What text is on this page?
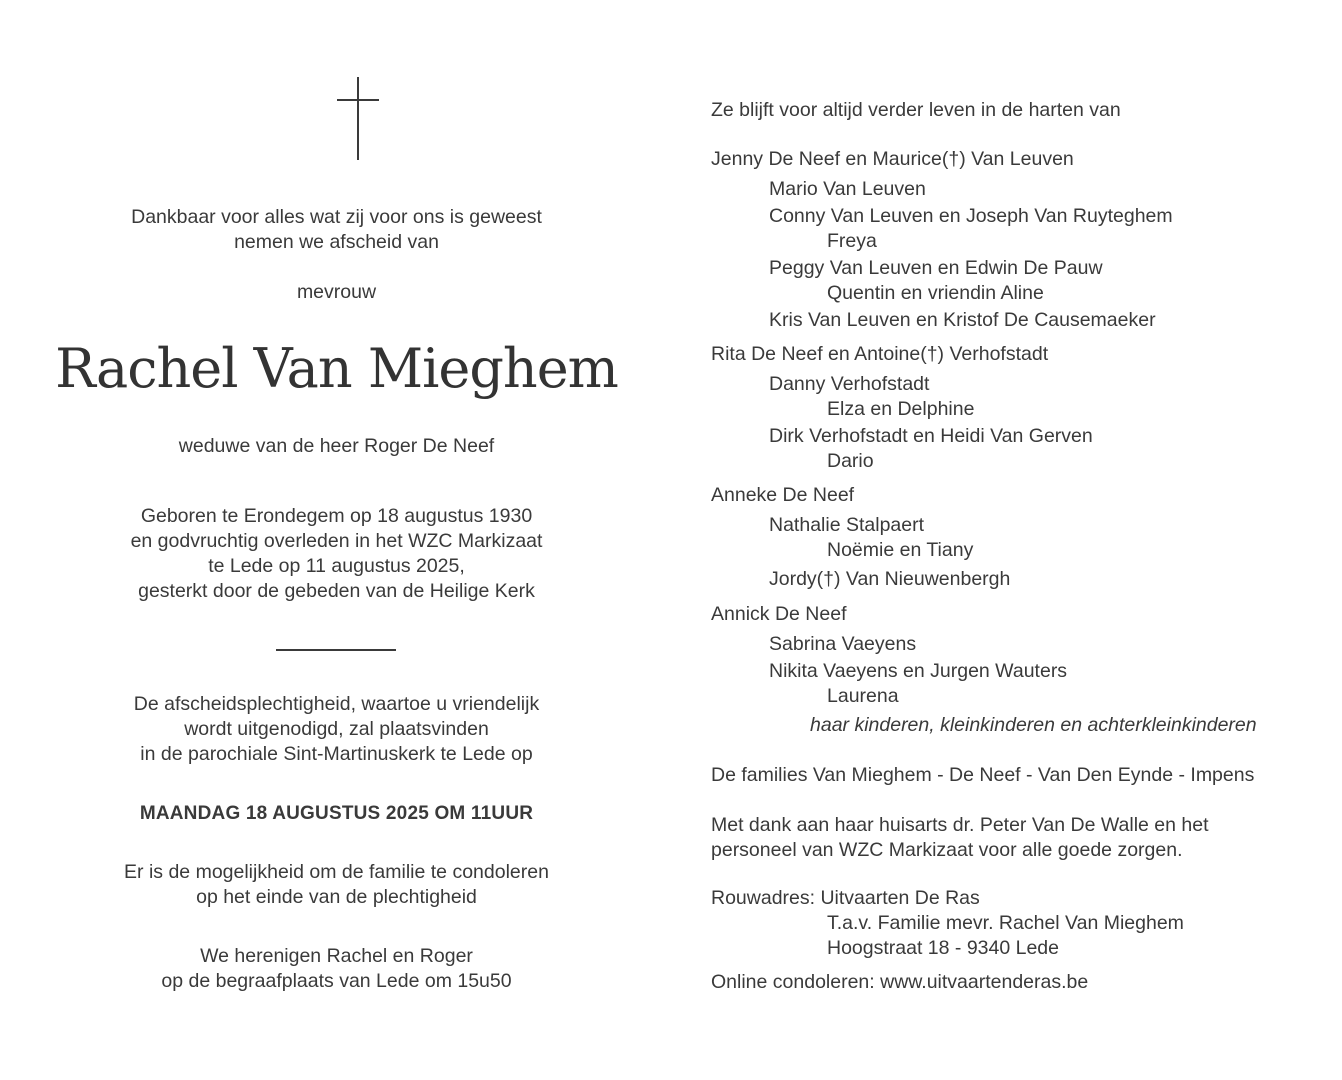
Dankbaar voor alles wat zij voor ons is geweest
nemen we afscheid van
mevrouw
Rachel Van Mieghem
weduwe van de heer Roger De Neef
Geboren te Erondegem op 18 augustus 1930
en godvruchtig overleden in het WZC Markizaat
te Lede op 11 augustus 2025,
gesterkt door de gebeden van de Heilige Kerk
De afscheidsplechtigheid, waartoe u vriendelijk
wordt uitgenodigd, zal plaatsvinden
in de parochiale Sint-Martinuskerk te Lede op
MAANDAG 18 AUGUSTUS 2025 OM 11UUR
Er is de mogelijkheid om de familie te condoleren
op het einde van de plechtigheid
We herenigen Rachel en Roger
op de begraafplaats van Lede om 15u50
Ze blijft voor altijd verder leven in de harten van
Jenny De Neef en Maurice(†) Van Leuven
Mario Van Leuven
Conny Van Leuven en Joseph Van Ruyteghem
Freya
Peggy Van Leuven en Edwin De Pauw
Quentin en vriendin Aline
Kris Van Leuven en Kristof De Causemaeker
Rita De Neef en Antoine(†) Verhofstadt
Danny Verhofstadt
Elza en Delphine
Dirk Verhofstadt en Heidi Van Gerven
Dario
Anneke De Neef
Nathalie Stalpaert
Noëmie en Tiany
Jordy(†) Van Nieuwenbergh
Annick De Neef
Sabrina Vaeyens
Nikita Vaeyens en Jurgen Wauters
Laurena
haar kinderen, kleinkinderen en achterkleinkinderen
De families Van Mieghem - De Neef - Van Den Eynde - Impens
Met dank aan haar huisarts dr. Peter Van De Walle en het
personeel van WZC Markizaat voor alle goede zorgen.
Rouwadres: Uitvaarten De Ras
T.a.v. Familie mevr. Rachel Van Mieghem
Hoogstraat 18 - 9340 Lede
Online condoleren: www.uitvaartenderas.be
